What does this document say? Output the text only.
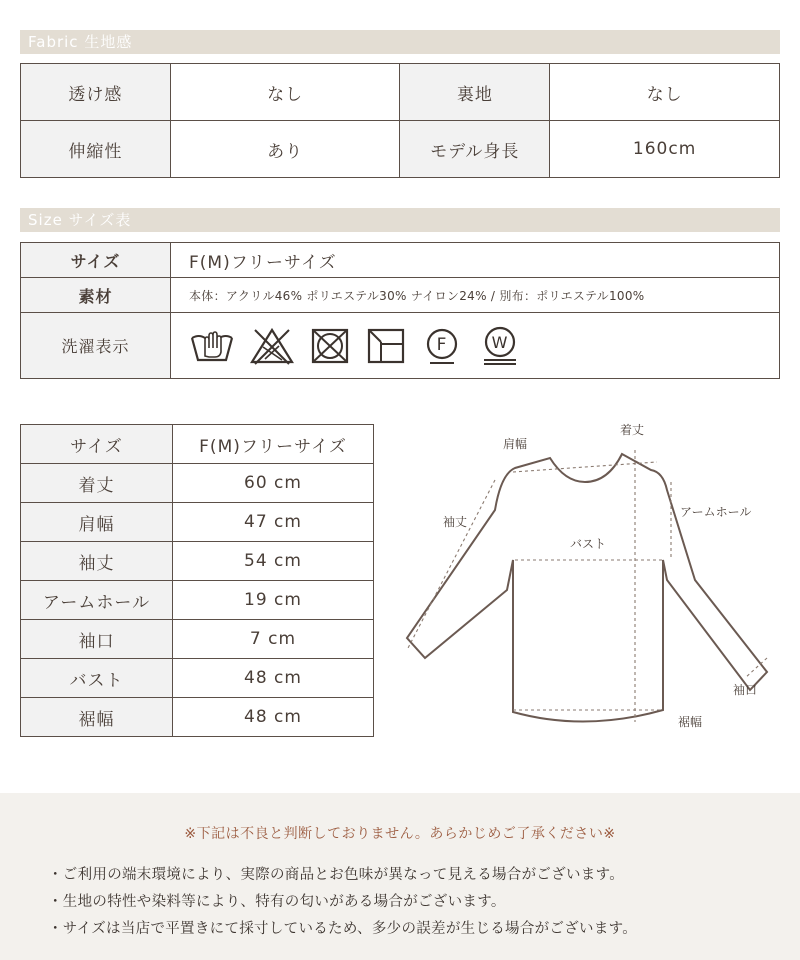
Fabric 生地感
透け感	なし	裏地	なし
伸縮性	あり	モデル身長	160cm
Size サイズ表
サイズ	F(M)フリーサイズ
素材	本体：アクリル46% ポリエステル30% ナイロン24% / 別布：ポリエステル100%
洗濯表示	F W
サイズ	F(M)フリーサイズ
着丈	60 cm
肩幅	47 cm
袖丈	54 cm
アームホール	19 cm
袖口	7 cm
バスト	48 cm
裾幅	48 cm
着丈
肩幅
袖丈
アームホール
バスト
袖口
裾幅
※下記は不良と判断しておりません。あらかじめご了承ください※
・ご利用の端末環境により、実際の商品とお色味が異なって見える場合がございます。
・生地の特性や染料等により、特有の匂いがある場合がございます。
・サイズは当店で平置きにて採寸しているため、多少の誤差が生じる場合がございます。
